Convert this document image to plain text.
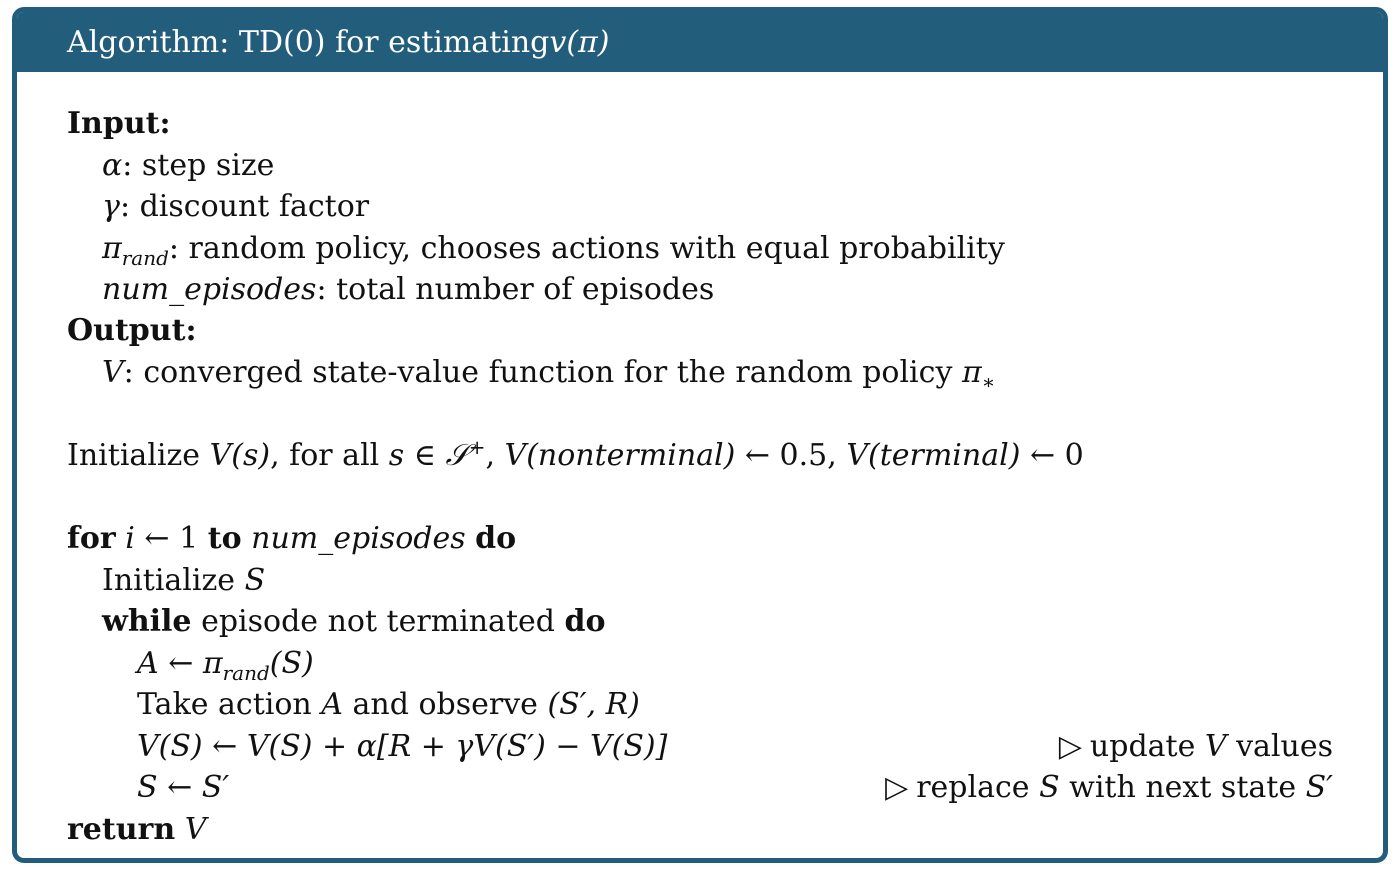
Algorithm: TD(0) for estimating v(π)
Input:
α: step size
γ: discount factor
$\pi_{rand}$: random policy, chooses actions with equal probability
num_episodes: total number of episodes
Output:
V: converged state-value function for the random policy $\pi_∗$
Initialize V(s), for all s ∈ 𝒮+, V(nonterminal) ← 0.5, V(terminal) ← 0
for i ← 1 to num_episodes do
Initialize S
while episode not terminated do
A ← $\pi_{rand}(S)$
Take action A and observe (S′, R)
V(S) ← V(S) + α[R + γV(S′) − V(S)]	▷ update V values
S ← S′	▷ replace S with next state S′
return V
